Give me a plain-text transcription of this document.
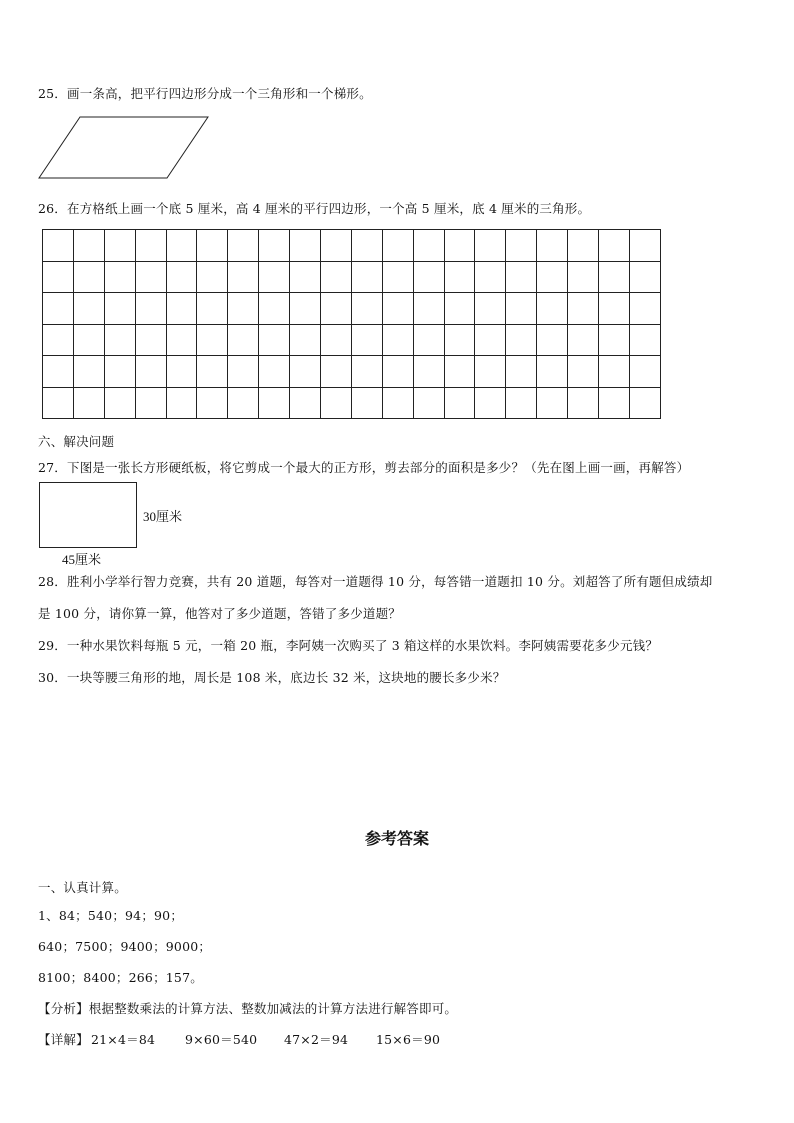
25．画一条高，把平行四边形分成一个三角形和一个梯形。
26．在方格纸上画一个底 5 厘米，高 4 厘米的平行四边形，一个高 5 厘米，底 4 厘米的三角形。

六、解决问题
27．下图是一张长方形硬纸板，将它剪成一个最大的正方形，剪去部分的面积是多少？（先在图上画一画，再解答）
30厘米
45厘米
28．胜利小学举行智力竞赛，共有 20 道题，每答对一道题得 10 分，每答错一道题扣 10 分。刘超答了所有题但成绩却
是 100 分，请你算一算，他答对了多少道题，答错了多少道题？
29．一种水果饮料每瓶 5 元，一箱 20 瓶，李阿姨一次购买了 3 箱这样的水果饮料。李阿姨需要花多少元钱？
30．一块等腰三角形的地，周长是 108 米，底边长 32 米，这块地的腰长多少米？
参考答案
一、认真计算。
1、84；540；94；90；
640；7500；9400；9000；
8100；8400；266；157。
【分析】根据整数乘法的计算方法、整数加减法的计算方法进行解答即可。
【详解】 21×4＝84 9×60＝540 47×2＝94 15×6＝90
